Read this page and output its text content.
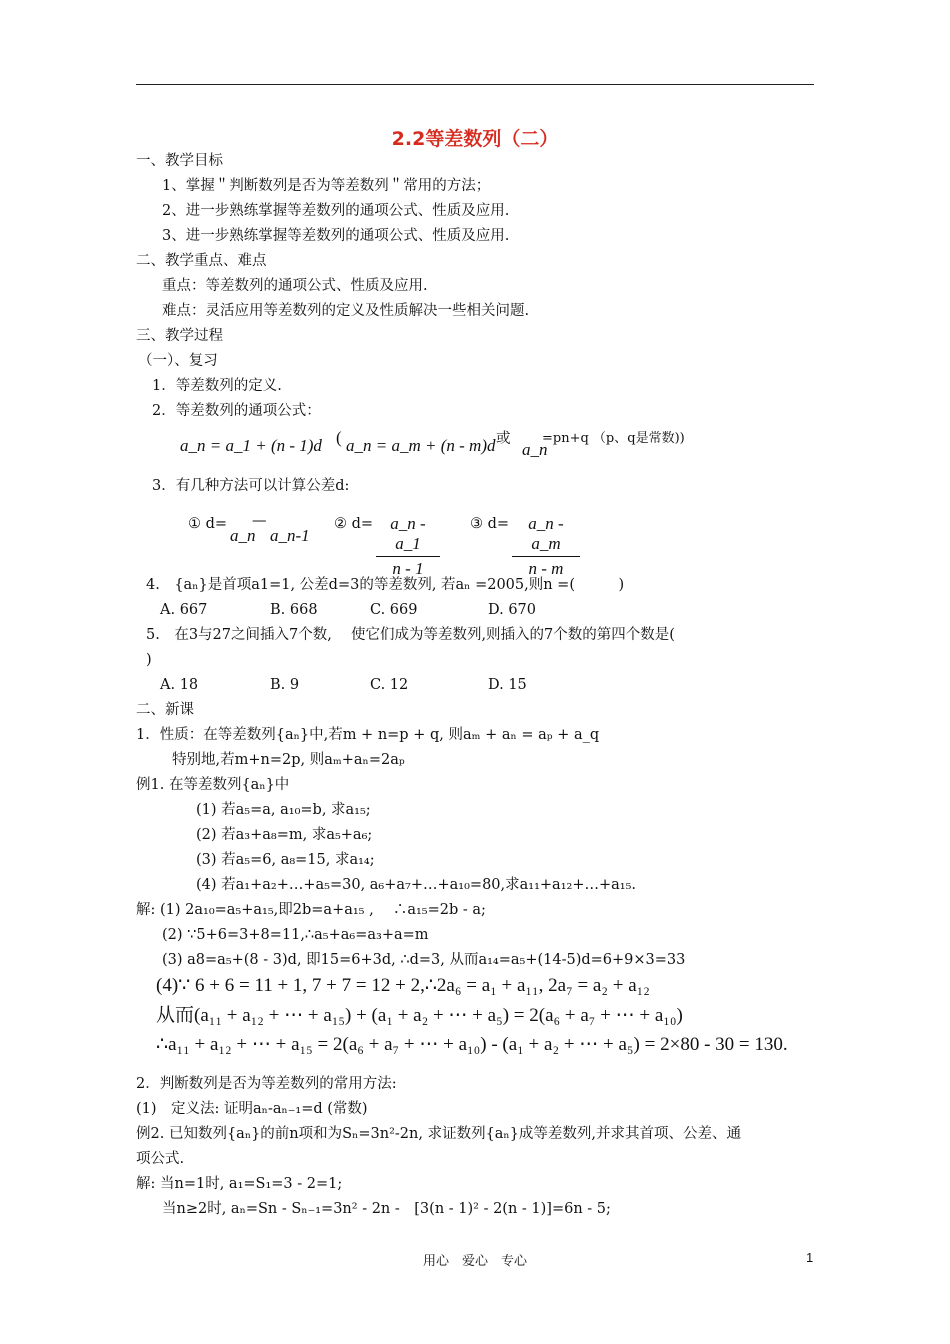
2.2等差数列（二）
一、教学目标
1、掌握＂判断数列是否为等差数列＂常用的方法；
2、进一步熟练掌握等差数列的通项公式、性质及应用.
3、进一步熟练掌握等差数列的通项公式、性质及应用.
二、教学重点、难点
重点：等差数列的通项公式、性质及应用.
难点：灵活应用等差数列的定义及性质解决一些相关问题.
三、教学过程
（一）、复习
1．等差数列的定义.
2．等差数列的通项公式：
a_n = a_1 + (n - 1)d ( a_n = a_m + (n - m)d 或
a_n
=pn+q （p、q是常数))
3．有几种方法可以计算公差d:
① d=
a_n
—
a_n-1
② $d= \frac{a\_n - a\_1}{n - 1}$ ③ $d= \frac{a\_n - a\_m}{n - m}$
4.　{aₙ}是首项a1=1, 公差d=3的等差数列, 若aₙ =2005,则n =(　　　)
A. 667	B. 668	C. 669	D. 670
5.　在3与27之间插入7个数,　 使它们成为等差数列,则插入的7个数的第四个数是(
)
A. 18	B. 9	C. 12	D. 15
二、新课
1．性质：在等差数列{aₙ}中,若m + n=p + q, 则aₘ + aₙ = aₚ + a_q
特别地,若m+n=2p, 则aₘ+aₙ=2aₚ
例1. 在等差数列{aₙ}中
(1) 若a₅=a, a₁₀=b, 求a₁₅;
(2) 若a₃+a₈=m, 求a₅+a₆;
(3) 若a₅=6, a₈=15, 求a₁₄;
(4) 若a₁+a₂+…+a₅=30, a₆+a₇+…+a₁₀=80,求a₁₁+a₁₂+…+a₁₅.
解: (1) 2a₁₀=a₅+a₁₅,即2b=a+a₁₅ ,　 ∴a₁₅=2b - a;
(2) ∵5+6=3+8=11,∴a₅+a₆=a₃+a=m
(3) a8=a₅+(8 - 3)d, 即15=6+3d, ∴d=3, 从而a₁₄=a₅+(14-5)d=6+9×3=33
(4)∵ 6 + 6 = 11 + 1, 7 + 7 = 12 + 2,∴2a₆ = a₁ + a₁₁, 2a₇ = a₂ + a₁₂
从而(a₁₁ + a₁₂ + ⋯ + a₁₅) + (a₁ + a₂ + ⋯ + a₅) = 2(a₆ + a₇ + ⋯ + a₁₀)
∴a₁₁ + a₁₂ + ⋯ + a₁₅ = 2(a₆ + a₇ + ⋯ + a₁₀) - (a₁ + a₂ + ⋯ + a₅) = 2×80 - 30 = 130.
2．判断数列是否为等差数列的常用方法:
(1)　定义法: 证明aₙ-aₙ₋₁=d (常数)
例2. 已知数列{aₙ}的前n项和为Sₙ=3n²-2n, 求证数列{aₙ}成等差数列,并求其首项、公差、通
项公式.
解: 当n=1时, a₁=S₁=3 - 2=1;
当n≥2时, aₙ=Sn - Sₙ₋₁=3n² - 2n -　[3(n - 1)² - 2(n - 1)]=6n - 5;
用心　爱心　专心	1
